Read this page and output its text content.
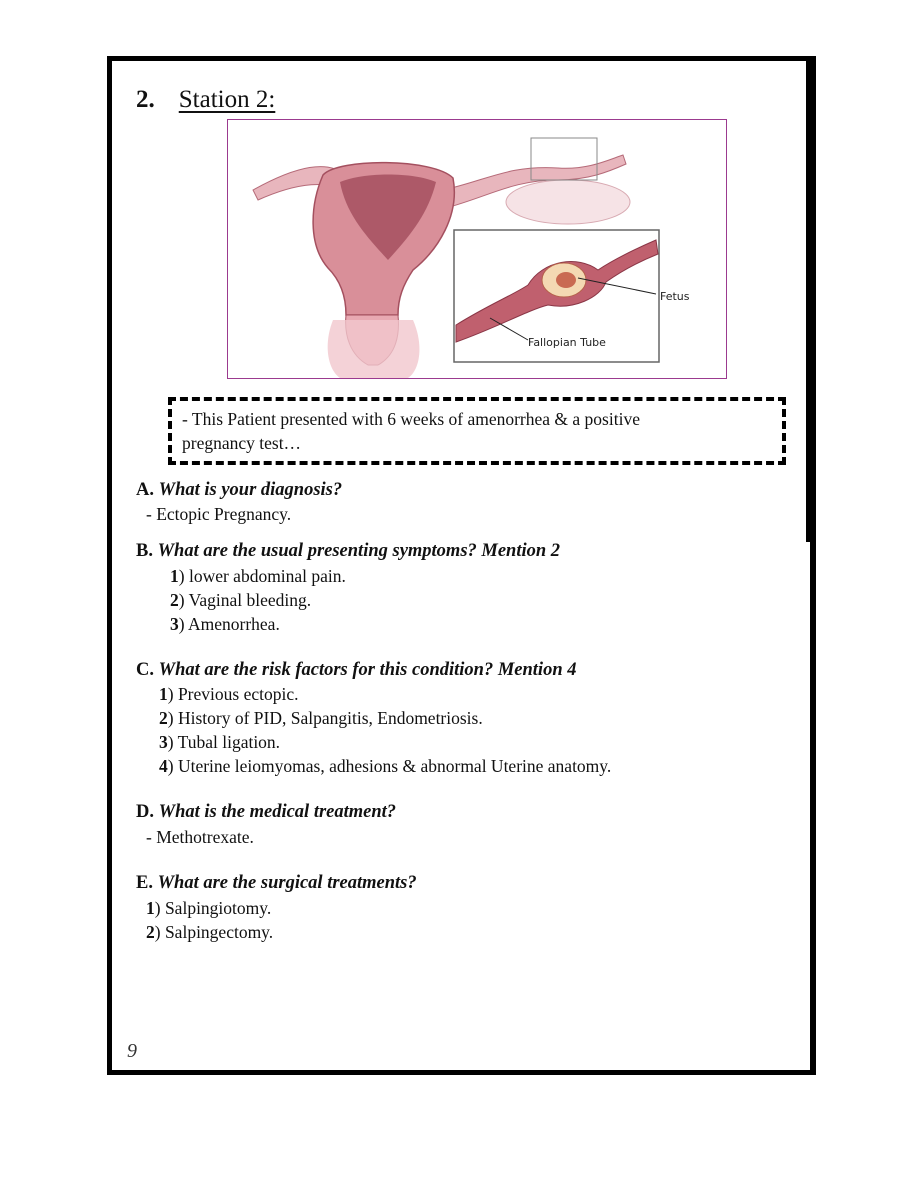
2. Station 2:
Fetus
Fallopian Tube
- This Patient presented with 6 weeks of amenorrhea & a positive
pregnancy test…
A. What is your diagnosis?
- Ectopic Pregnancy.
B. What are the usual presenting symptoms? Mention 2
1) lower abdominal pain.
2) Vaginal bleeding.
3) Amenorrhea.
C. What are the risk factors for this condition? Mention 4
1) Previous ectopic.
2) History of PID, Salpangitis, Endometriosis.
3) Tubal ligation.
4) Uterine leiomyomas, adhesions & abnormal Uterine anatomy.
D. What is the medical treatment?
- Methotrexate.
E. What are the surgical treatments?
1) Salpingiotomy.
2) Salpingectomy.
9
